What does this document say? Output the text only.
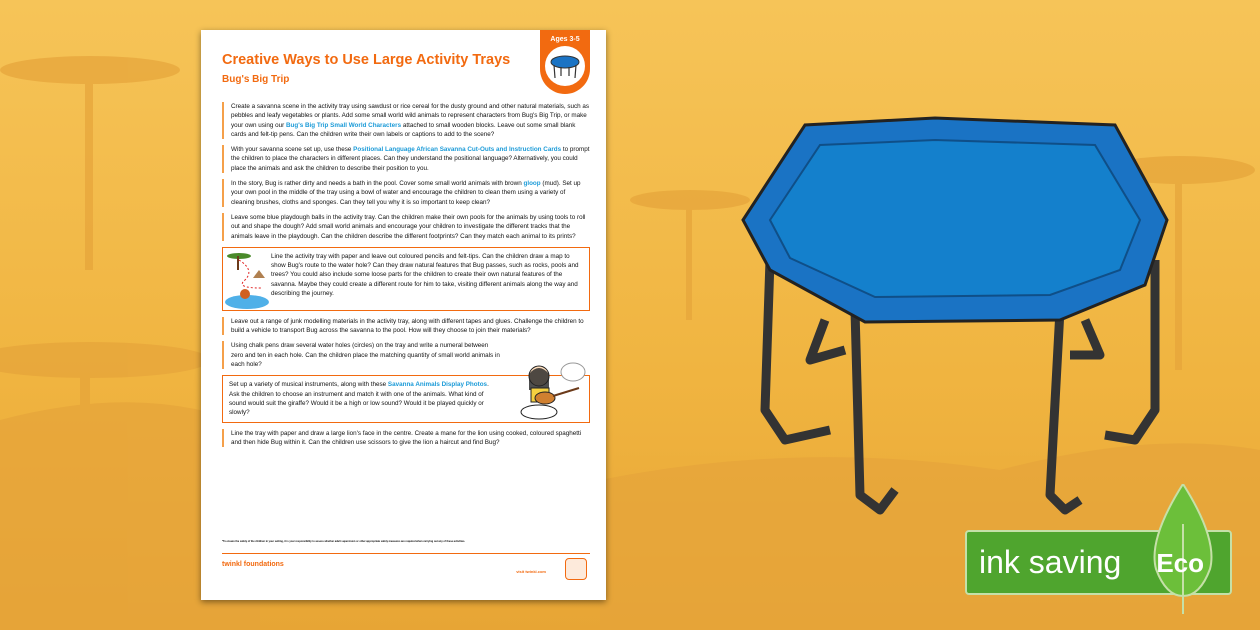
Creative Ways to Use Large Activity Trays
Bug's Big Trip
Ages 3-5
Create a savanna scene in the activity tray using sawdust or rice cereal for the dusty ground and other natural materials, such as pebbles and leafy vegetables or plants. Add some small world wild animals to represent characters from Bug's Big Trip, or make your own using our Bug's Big Trip Small World Characters attached to small wooden blocks. Leave out some small blank cards and felt-tip pens. Can the children write their own labels or captions to add to the scene?
With your savanna scene set up, use these Positional Language African Savanna Cut-Outs and Instruction Cards to prompt the children to place the characters in different places. Can they understand the positional language? Alternatively, you could place the animals and ask the children to describe their position to you.
In the story, Bug is rather dirty and needs a bath in the pool. Cover some small world animals with brown gloop (mud). Set up your own pool in the middle of the tray using a bowl of water and encourage the children to clean them using a variety of cleaning brushes, cloths and sponges. Can they tell you why it is so important to keep clean?
Leave some blue playdough balls in the activity tray. Can the children make their own pools for the animals by using tools to roll out and shape the dough? Add small world animals and encourage your children to investigate the different tracks that the animals leave in the playdough. Can the children describe the different footprints? Can they match each animal to its prints?
Line the activity tray with paper and leave out coloured pencils and felt-tips. Can the children draw a map to show Bug's route to the water hole? Can they draw natural features that Bug passes, such as rocks, pools and trees? You could also include some loose parts for the children to create their own natural features of the savanna. Maybe they could create a different route for him to take, visiting different animals along the way and describing the journey.
Leave out a range of junk modelling materials in the activity tray, along with different tapes and glues. Challenge the children to build a vehicle to transport Bug across the savanna to the pool. How will they choose to join their materials?
Using chalk pens draw several water holes (circles) on the tray and write a numeral between zero and ten in each hole. Can the children place the matching quantity of small world animals in each hole?
Set up a variety of musical instruments, along with these Savanna Animals Display Photos. Ask the children to choose an instrument and match it with one of the animals. What kind of sound would suit the giraffe? Would it be a high or low sound? Would it be played quickly or slowly?
Line the tray with paper and draw a large lion's face in the centre. Create a mane for the lion using cooked, coloured spaghetti and then hide Bug within it. Can the children use scissors to give the lion a haircut and find Bug?
*To ensure the safety of the children in your setting, it is your responsibility to assess whether adult supervision or other appropriate safety measures are required when carrying out any of these activities.
twinkl foundations
visit twinkl.com	ink saving Eco
